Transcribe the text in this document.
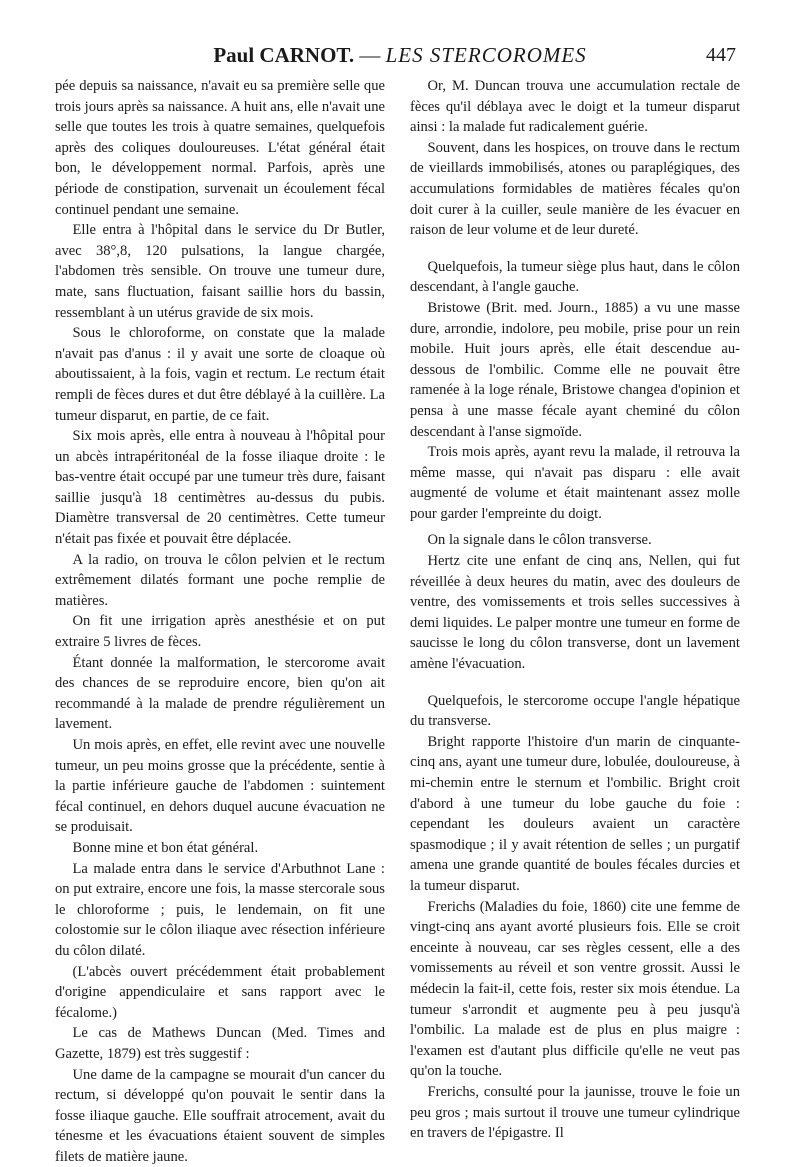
Paul CARNOT. — LES STERCOROMES	447

pée depuis sa naissance, n'avait eu sa première selle que trois jours après sa naissance. A huit ans, elle n'avait une selle que toutes les trois à quatre semaines, quelquefois après des coliques douloureuses. L'état général était bon, le développement normal. Parfois, après une période de constipation, survenait un écoulement fécal continuel pendant une semaine.

Elle entra à l'hôpital dans le service du Dr Butler, avec 38°,8, 120 pulsations, la langue chargée, l'abdomen très sensible. On trouve une tumeur dure, mate, sans fluctuation, faisant saillie hors du bassin, ressemblant à un utérus gravide de six mois.

Sous le chloroforme, on constate que la malade n'avait pas d'anus : il y avait une sorte de cloaque où aboutissaient, à la fois, vagin et rectum. Le rectum était rempli de fèces dures et dut être déblayé à la cuillère. La tumeur disparut, en partie, de ce fait.

Six mois après, elle entra à nouveau à l'hôpital pour un abcès intrapéritonéal de la fosse iliaque droite : le bas-ventre était occupé par une tumeur très dure, faisant saillie jusqu'à 18 centimètres au-dessus du pubis. Diamètre transversal de 20 centimètres. Cette tumeur n'était pas fixée et pouvait être déplacée.

A la radio, on trouva le côlon pelvien et le rectum extrêmement dilatés formant une poche remplie de matières.

On fit une irrigation après anesthésie et on put extraire 5 livres de fèces.

Étant donnée la malformation, le stercorome avait des chances de se reproduire encore, bien qu'on ait recommandé à la malade de prendre régulièrement un lavement.

Un mois après, en effet, elle revint avec une nouvelle tumeur, un peu moins grosse que la précédente, sentie à la partie inférieure gauche de l'abdomen : suintement fécal continuel, en dehors duquel aucune évacuation ne se produisait.

Bonne mine et bon état général.

La malade entra dans le service d'Arbuthnot Lane : on put extraire, encore une fois, la masse stercorale sous le chloroforme ; puis, le lendemain, on fit une colostomie sur le côlon iliaque avec résection inférieure du côlon dilaté.

(L'abcès ouvert précédemment était probablement d'origine appendiculaire et sans rapport avec le fécalome.)

Le cas de Mathews Duncan (Med. Times and Gazette, 1879) est très suggestif :

Une dame de la campagne se mourait d'un cancer du rectum, si développé qu'on pouvait le sentir dans la fosse iliaque gauche. Elle souffrait atrocement, avait du ténesme et les évacuations étaient souvent de simples filets de matière jaune.

Or, M. Duncan trouva une accumulation rectale de fèces qu'il déblaya avec le doigt et la tumeur disparut ainsi : la malade fut radicalement guérie.

Souvent, dans les hospices, on trouve dans le rectum de vieillards immobilisés, atones ou paraplégiques, des accumulations formidables de matières fécales qu'on doit curer à la cuiller, seule manière de les évacuer en raison de leur volume et de leur dureté.

Quelquefois, la tumeur siège plus haut, dans le côlon descendant, à l'angle gauche.

Bristowe (Brit. med. Journ., 1885) a vu une masse dure, arrondie, indolore, peu mobile, prise pour un rein mobile. Huit jours après, elle était descendue au-dessous de l'ombilic. Comme elle ne pouvait être ramenée à la loge rénale, Bristowe changea d'opinion et pensa à une masse fécale ayant cheminé du côlon descendant à l'anse sigmoïde.

Trois mois après, ayant revu la malade, il retrouva la même masse, qui n'avait pas disparu : elle avait augmenté de volume et était maintenant assez molle pour garder l'empreinte du doigt.

On la signale dans le côlon transverse.

Hertz cite une enfant de cinq ans, Nellen, qui fut réveillée à deux heures du matin, avec des douleurs de ventre, des vomissements et trois selles successives à demi liquides. Le palper montre une tumeur en forme de saucisse le long du côlon transverse, dont un lavement amène l'évacuation.

Quelquefois, le stercorome occupe l'angle hépatique du transverse.

Bright rapporte l'histoire d'un marin de cinquante-cinq ans, ayant une tumeur dure, lobulée, douloureuse, à mi-chemin entre le sternum et l'ombilic. Bright croit d'abord à une tumeur du lobe gauche du foie : cependant les douleurs avaient un caractère spasmodique ; il y avait rétention de selles ; un purgatif amena une grande quantité de boules fécales durcies et la tumeur disparut.

Frerichs (Maladies du foie, 1860) cite une femme de vingt-cinq ans ayant avorté plusieurs fois. Elle se croit enceinte à nouveau, car ses règles cessent, elle a des vomissements au réveil et son ventre grossit. Aussi le médecin la fait-il, cette fois, rester six mois étendue. La tumeur s'arrondit et augmente peu à peu jusqu'à l'ombilic. La malade est de plus en plus maigre : l'examen est d'autant plus difficile qu'elle ne veut pas qu'on la touche.

Frerichs, consulté pour la jaunisse, trouve le foie un peu gros ; mais surtout il trouve une tumeur cylindrique en travers de l'épigastre. Il
